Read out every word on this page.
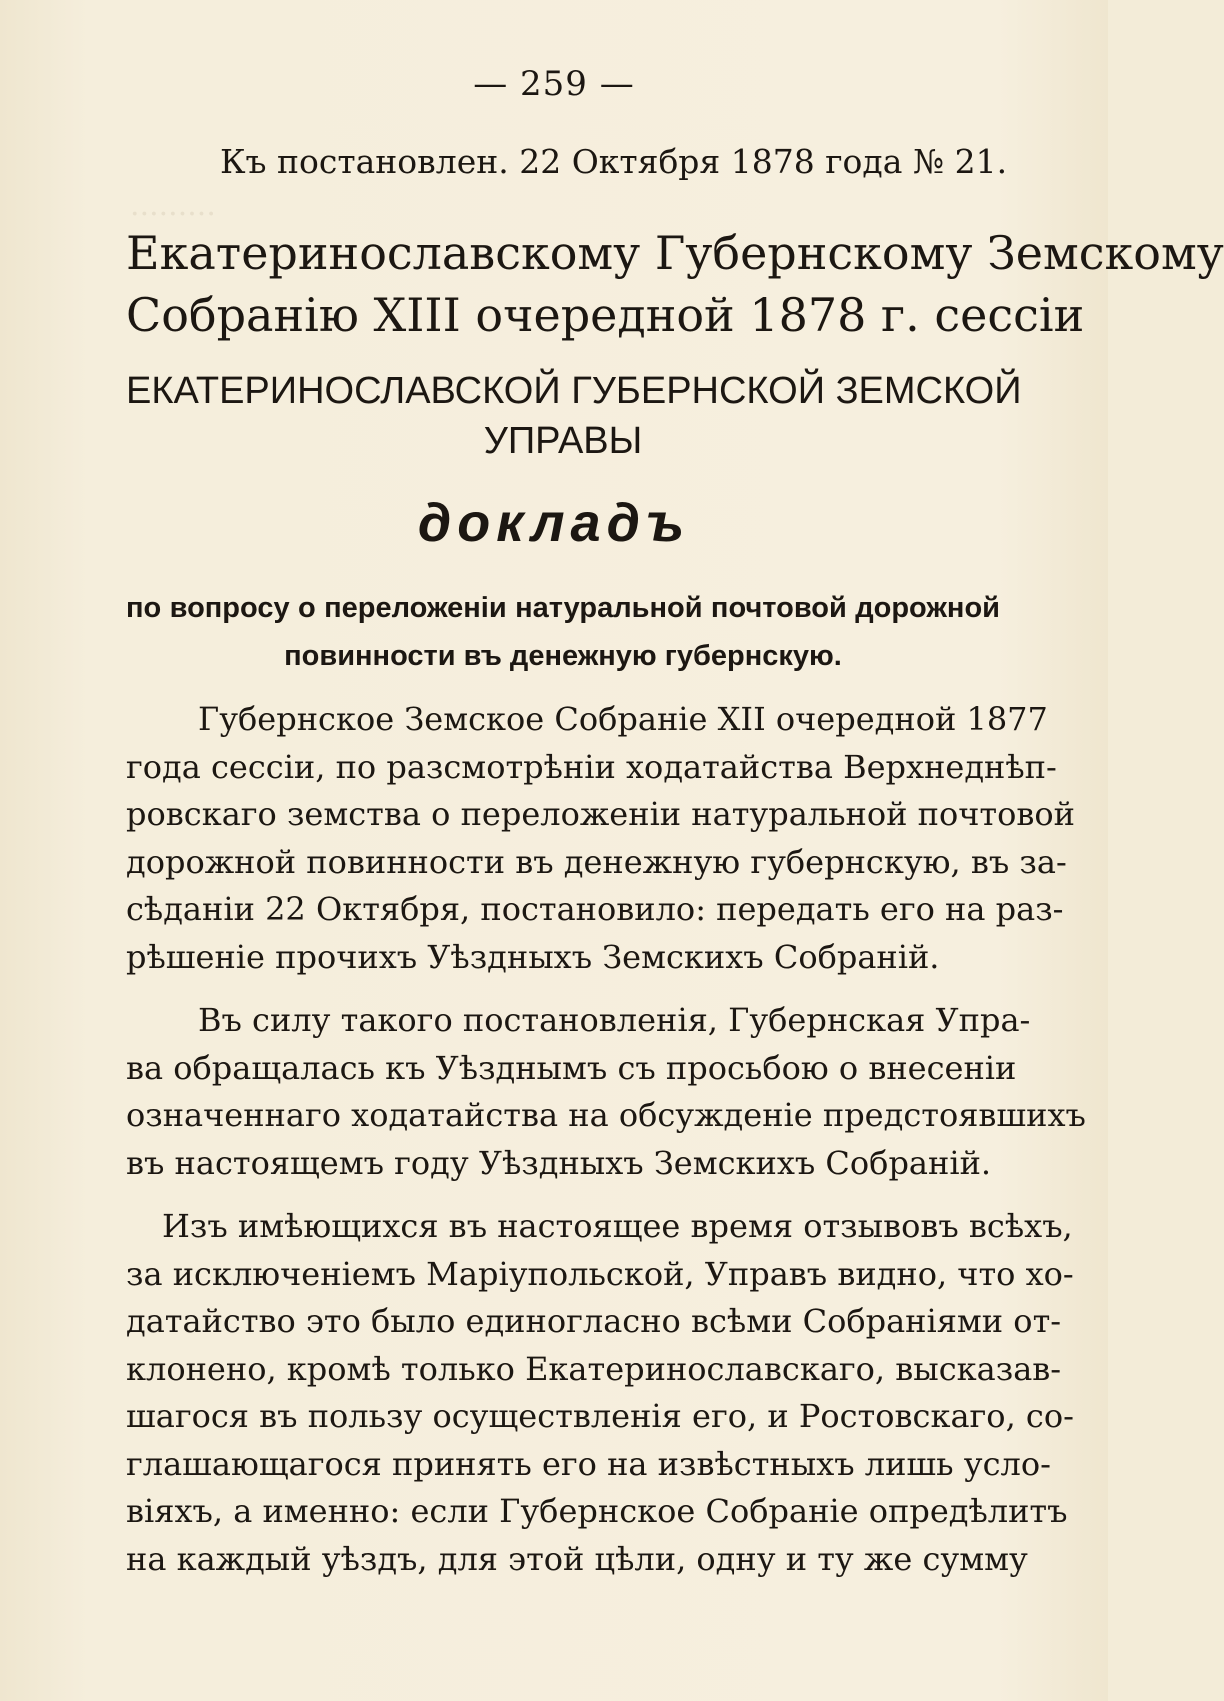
.........
— 259 —
Къ постановлен. 22 Октября 1878 года № 21.
Екатеринославскому Губернскому Земскому
Собранію XIII очередной 1878 г. сессіи
ЕКАТЕРИНОСЛАВСКОЙ ГУБЕРНСКОЙ ЗЕМСКОЙ
УПРАВЫ
докладъ
по вопросу о переложеніи натуральной почтовой дорожной
повинности въ денежную губернскую.
Губернское Земское Собраніе XII очередной 1877
года сессіи, по разсмотрѣніи ходатайства Верхнеднѣп-
ровскаго земства о переложеніи натуральной почтовой
дорожной повинности въ денежную губернскую, въ за-
сѣданіи 22 Октября, постановило: передать его на раз-
рѣшеніе прочихъ Уѣздныхъ Земскихъ Собраній.
Въ силу такого постановленія, Губернская Упра-
ва обращалась къ Уѣзднымъ съ просьбою о внесеніи
означеннаго ходатайства на обсужденіе предстоявшихъ
въ настоящемъ году Уѣздныхъ Земскихъ Собраній.
Изъ имѣющихся въ настоящее время отзывовъ всѣхъ,
за исключеніемъ Маріупольской, Управъ видно, что хо-
датайство это было единогласно всѣми Собраніями от-
клонено, кромѣ только Екатеринославскаго, высказав-
шагося въ пользу осуществленія его, и Ростовскаго, со-
глашающагося принять его на извѣстныхъ лишь усло-
віяхъ, а именно: если Губернское Собраніе опредѣлитъ
на каждый уѣздъ, для этой цѣли, одну и ту же сумму
